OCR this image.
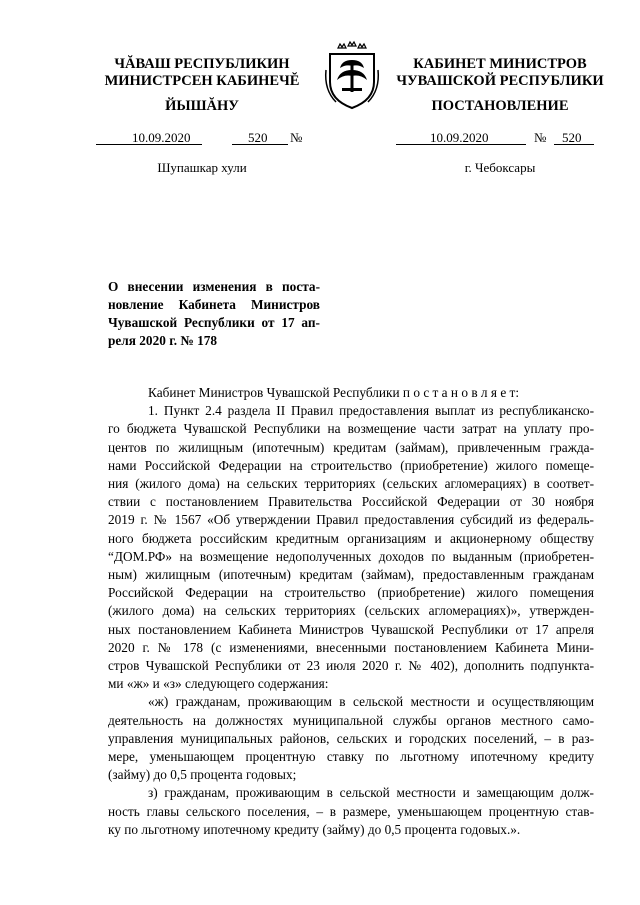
ЧĂВАШ РЕСПУБЛИКИН
МИНИСТРСЕН КАБИНЕЧĔ
ЙЫШĂНУ
КАБИНЕТ МИНИСТРОВ
ЧУВАШСКОЙ РЕСПУБЛИКИ
ПОСТАНОВЛЕНИЕ
10.09.2020	520 №	10.09.2020	№ 520
Шупашкар хули	г. Чебоксары
О внесении изменения в поста-
новление Кабинета Министров
Чувашской Республики от 17 ап-
реля 2020 г. № 178
Кабинет Министров Чувашской Республики п о с т а н о в л я е т:
1. Пункт 2.4 раздела II Правил предоставления выплат из республиканско-
го бюджета Чувашской Республики на возмещение части затрат на уплату про-
центов по жилищным (ипотечным) кредитам (займам), привлеченным гражда-
нами Российской Федерации на строительство (приобретение) жилого помеще-
ния (жилого дома) на сельских территориях (сельских агломерациях) в соответ-
ствии с постановлением Правительства Российской Федерации от 30 ноября
2019 г. № 1567 «Об утверждении Правил предоставления субсидий из федераль-
ного бюджета российским кредитным организациям и акционерному обществу
“ДОМ.РФ» на возмещение недополученных доходов по выданным (приобретен-
ным) жилищным (ипотечным) кредитам (займам), предоставленным гражданам
Российской Федерации на строительство (приобретение) жилого помещения
(жилого дома) на сельских территориях (сельских агломерациях)», утвержден-
ных постановлением Кабинета Министров Чувашской Республики от 17 апреля
2020 г. № 178 (с изменениями, внесенными постановлением Кабинета Мини-
стров Чувашской Республики от 23 июля 2020 г. № 402), дополнить подпункта-
ми «ж» и «з» следующего содержания:
«ж) гражданам, проживающим в сельской местности и осуществляющим
деятельность на должностях муниципальной службы органов местного само-
управления муниципальных районов, сельских и городских поселений, – в раз-
мере, уменьшающем процентную ставку по льготному ипотечному кредиту
(займу) до 0,5 процента годовых;
з) гражданам, проживающим в сельской местности и замещающим долж-
ность главы сельского поселения, – в размере, уменьшающем процентную став-
ку по льготному ипотечному кредиту (займу) до 0,5 процента годовых.».
